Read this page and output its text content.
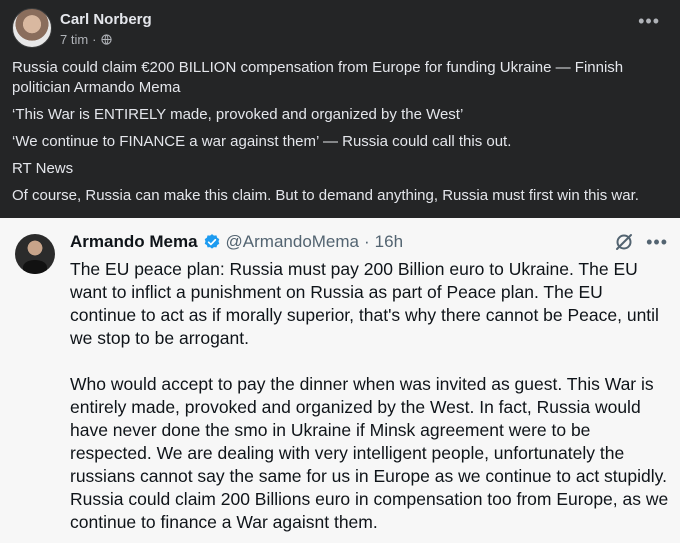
Carl Norberg
7 tim ·
•••

Russia could claim €200 BILLION compensation from Europe for funding Ukraine — Finnish politician Armando Mema

‘This War is ENTIRELY made, provoked and organized by the West’

‘We continue to FINANCE a war against them’ — Russia could call this out.

RT News

Of course, Russia can make this claim. But to demand anything, Russia must first win this war.

Armando Mema @ArmandoMema · 16h	•••

The EU peace plan: Russia must pay 200 Billion euro to Ukraine. The EU want to inflict a punishment on Russia as part of Peace plan. The EU continue to act as if morally superior, that's why there cannot be Peace, until we stop to be arrogant.

Who would accept to pay the dinner when was invited as guest. This War is entirely made, provoked and organized by the West. In fact, Russia would have never done the smo in Ukraine if Minsk agreement were to be respected. We are dealing with very intelligent people, unfortunately the russians cannot say the same for us in Europe as we continue to act stupidly. Russia could claim 200 Billions euro in compensation too from Europe, as we continue to finance a War agaisnt them.
